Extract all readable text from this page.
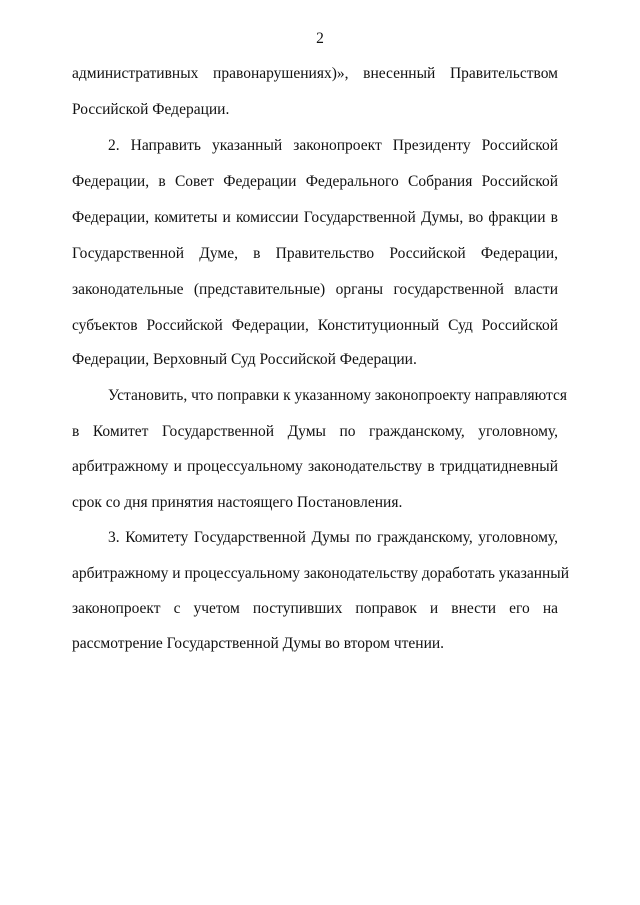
2
административных правонарушениях)», внесенный Правительством
Российской Федерации.
2. Направить указанный законопроект Президенту Российской
Федерации, в Совет Федерации Федерального Собрания Российской
Федерации, комитеты и комиссии Государственной Думы, во фракции в
Государственной Думе, в Правительство Российской Федерации,
законодательные (представительные) органы государственной власти
субъектов Российской Федерации, Конституционный Суд Российской
Федерации, Верховный Суд Российской Федерации.
Установить, что поправки к указанному законопроекту направляются
в Комитет Государственной Думы по гражданскому, уголовному,
арбитражному и процессуальному законодательству в тридцатидневный
срок со дня принятия настоящего Постановления.
3. Комитету Государственной Думы по гражданскому, уголовному,
арбитражному и процессуальному законодательству доработать указанный
законопроект с учетом поступивших поправок и внести его на
рассмотрение Государственной Думы во втором чтении.
